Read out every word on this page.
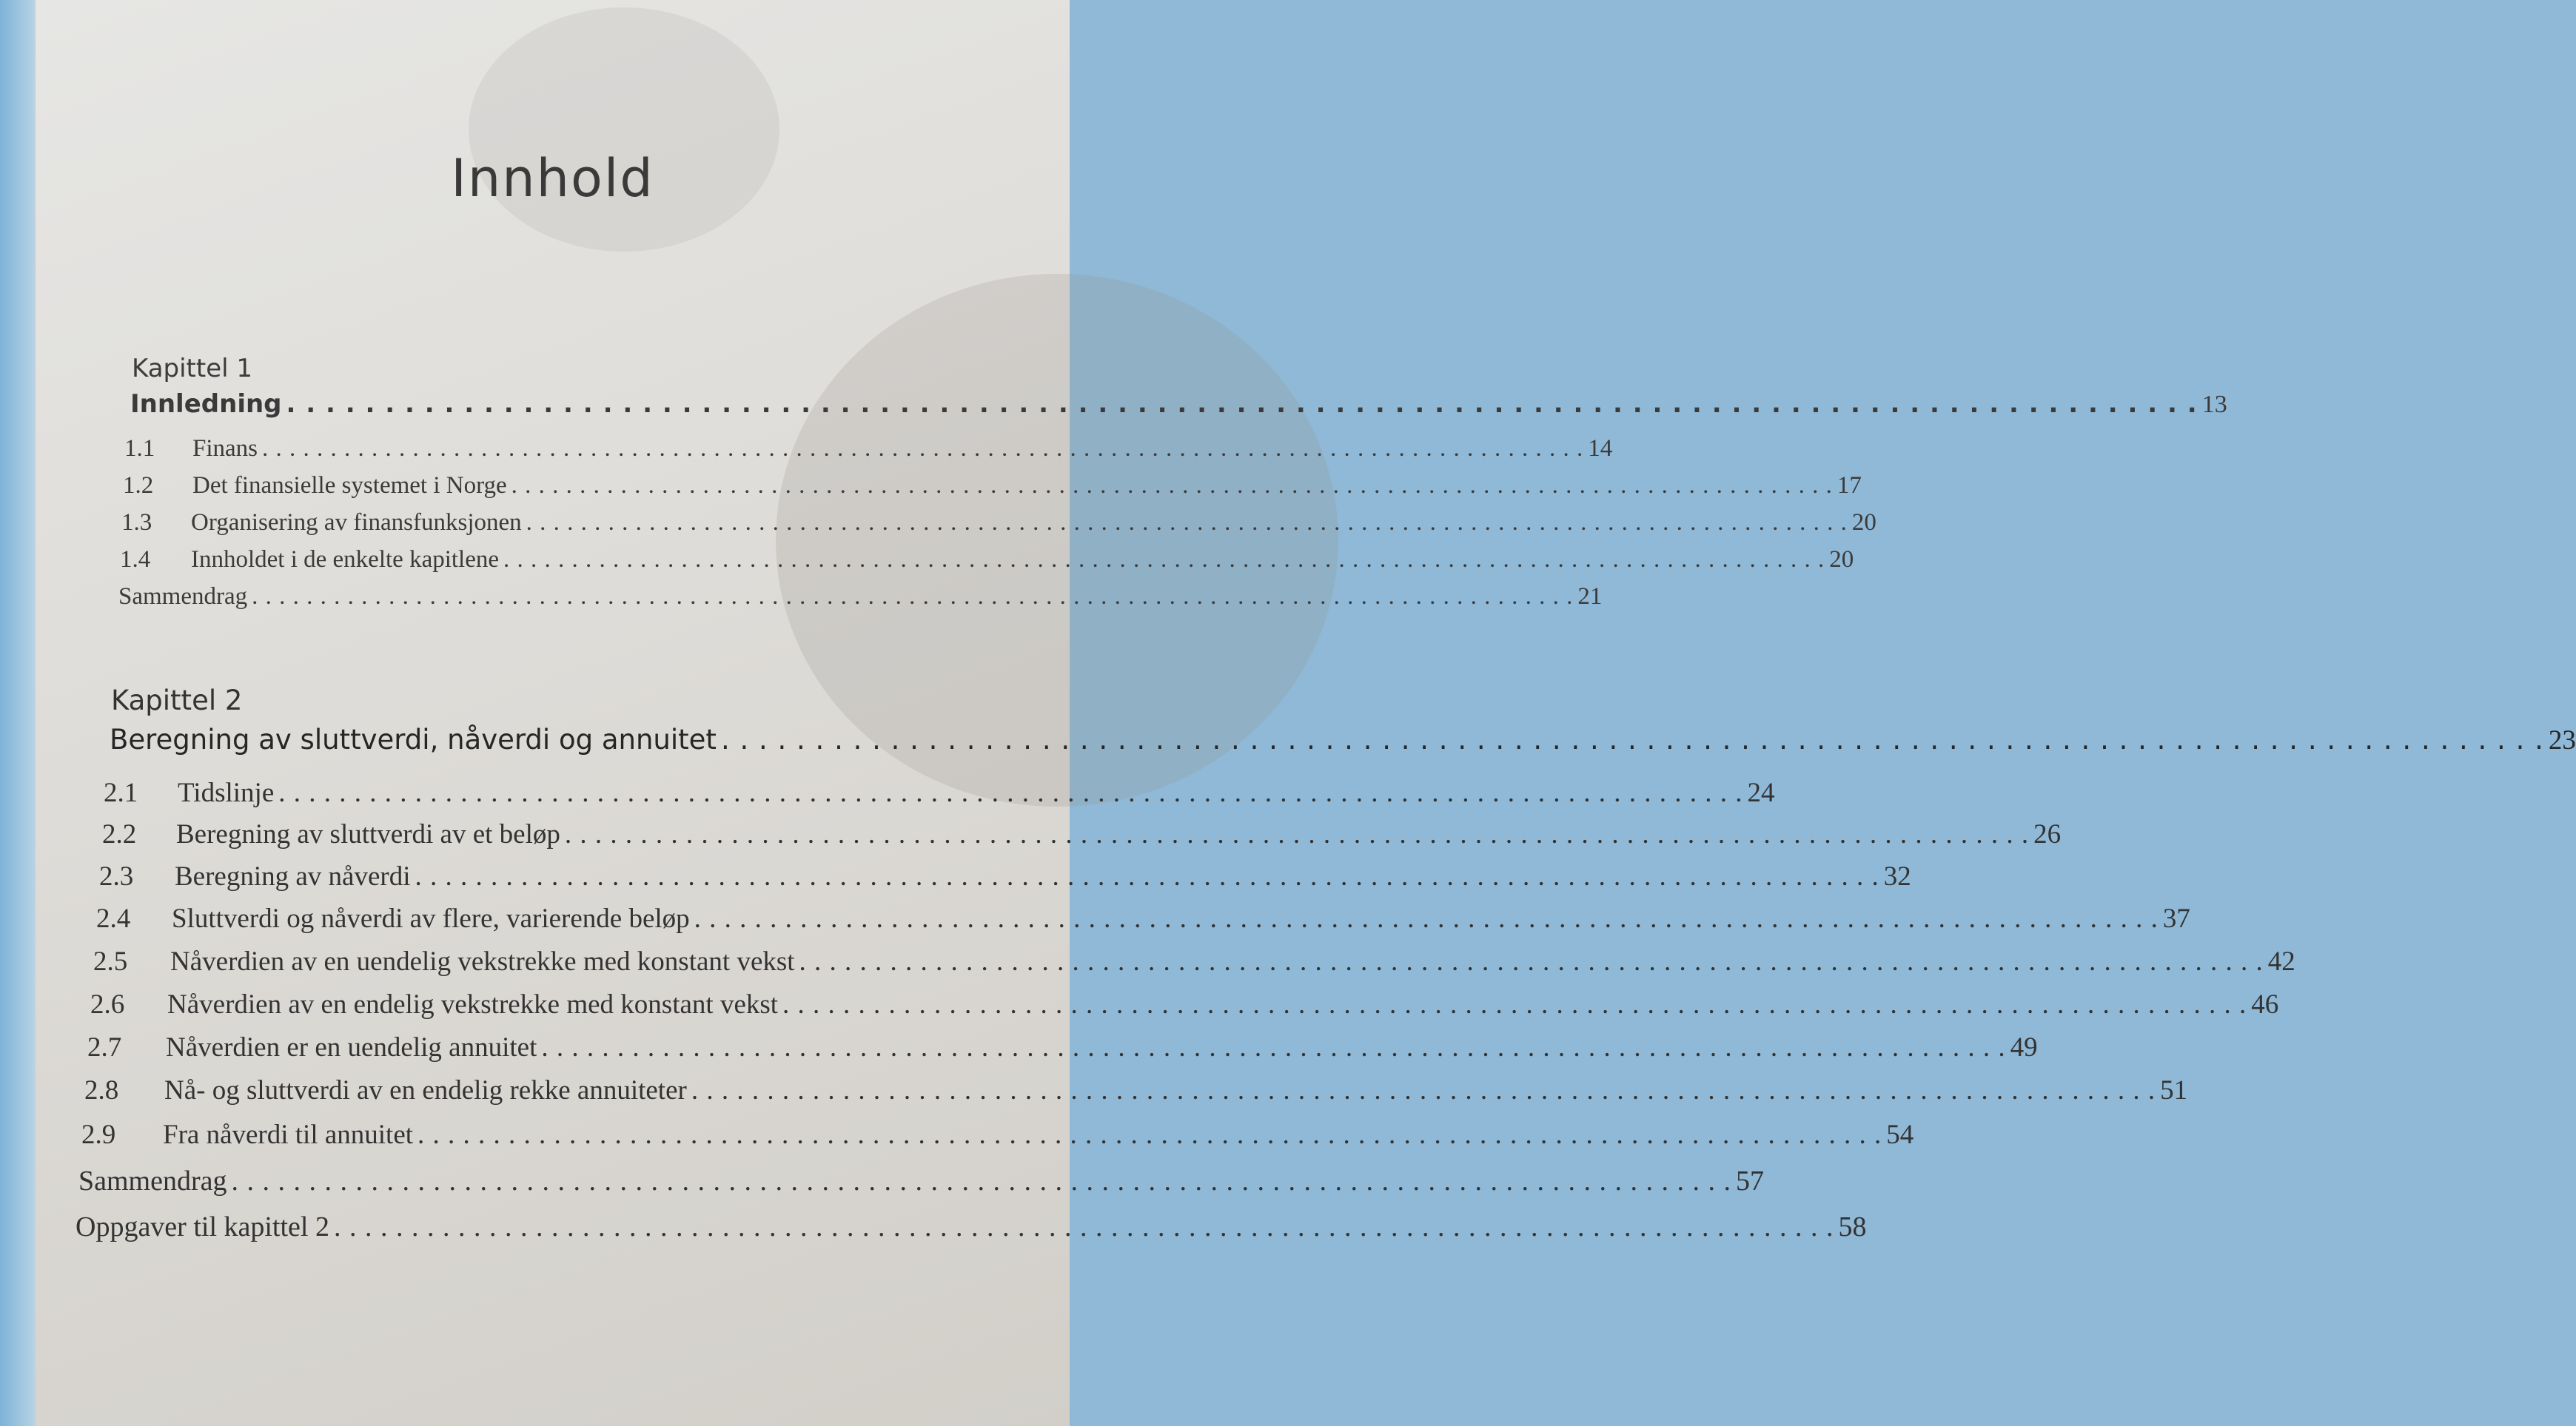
Innhold
Kapittel 1
Innledning . . .	13
1.1	Finans . . .	14
1.2	Det finansielle systemet i Norge . . .	17
1.3	Organisering av finansfunksjonen . . .	20
1.4	Innholdet i de enkelte kapitlene . . .	20
Sammendrag . . .	21
Kapittel 2
Beregning av sluttverdi, nåverdi og annuitet . . .	23
2.1	Tidslinje . . .	24
2.2	Beregning av sluttverdi av et beløp . . .	26
2.3	Beregning av nåverdi . . .	32
2.4	Sluttverdi og nåverdi av flere, varierende beløp . . .	37
2.5	Nåverdien av en uendelig vekstrekke med konstant vekst . . .	42
2.6	Nåverdien av en endelig vekstrekke med konstant vekst . . .	46
2.7	Nåverdien er en uendelig annuitet . . .	49
2.8	Nå- og sluttverdi av en endelig rekke annuiteter . . .	51
2.9	Fra nåverdi til annuitet . . .	54
Sammendrag . . .	57
Oppgaver til kapittel 2 . . .	58
